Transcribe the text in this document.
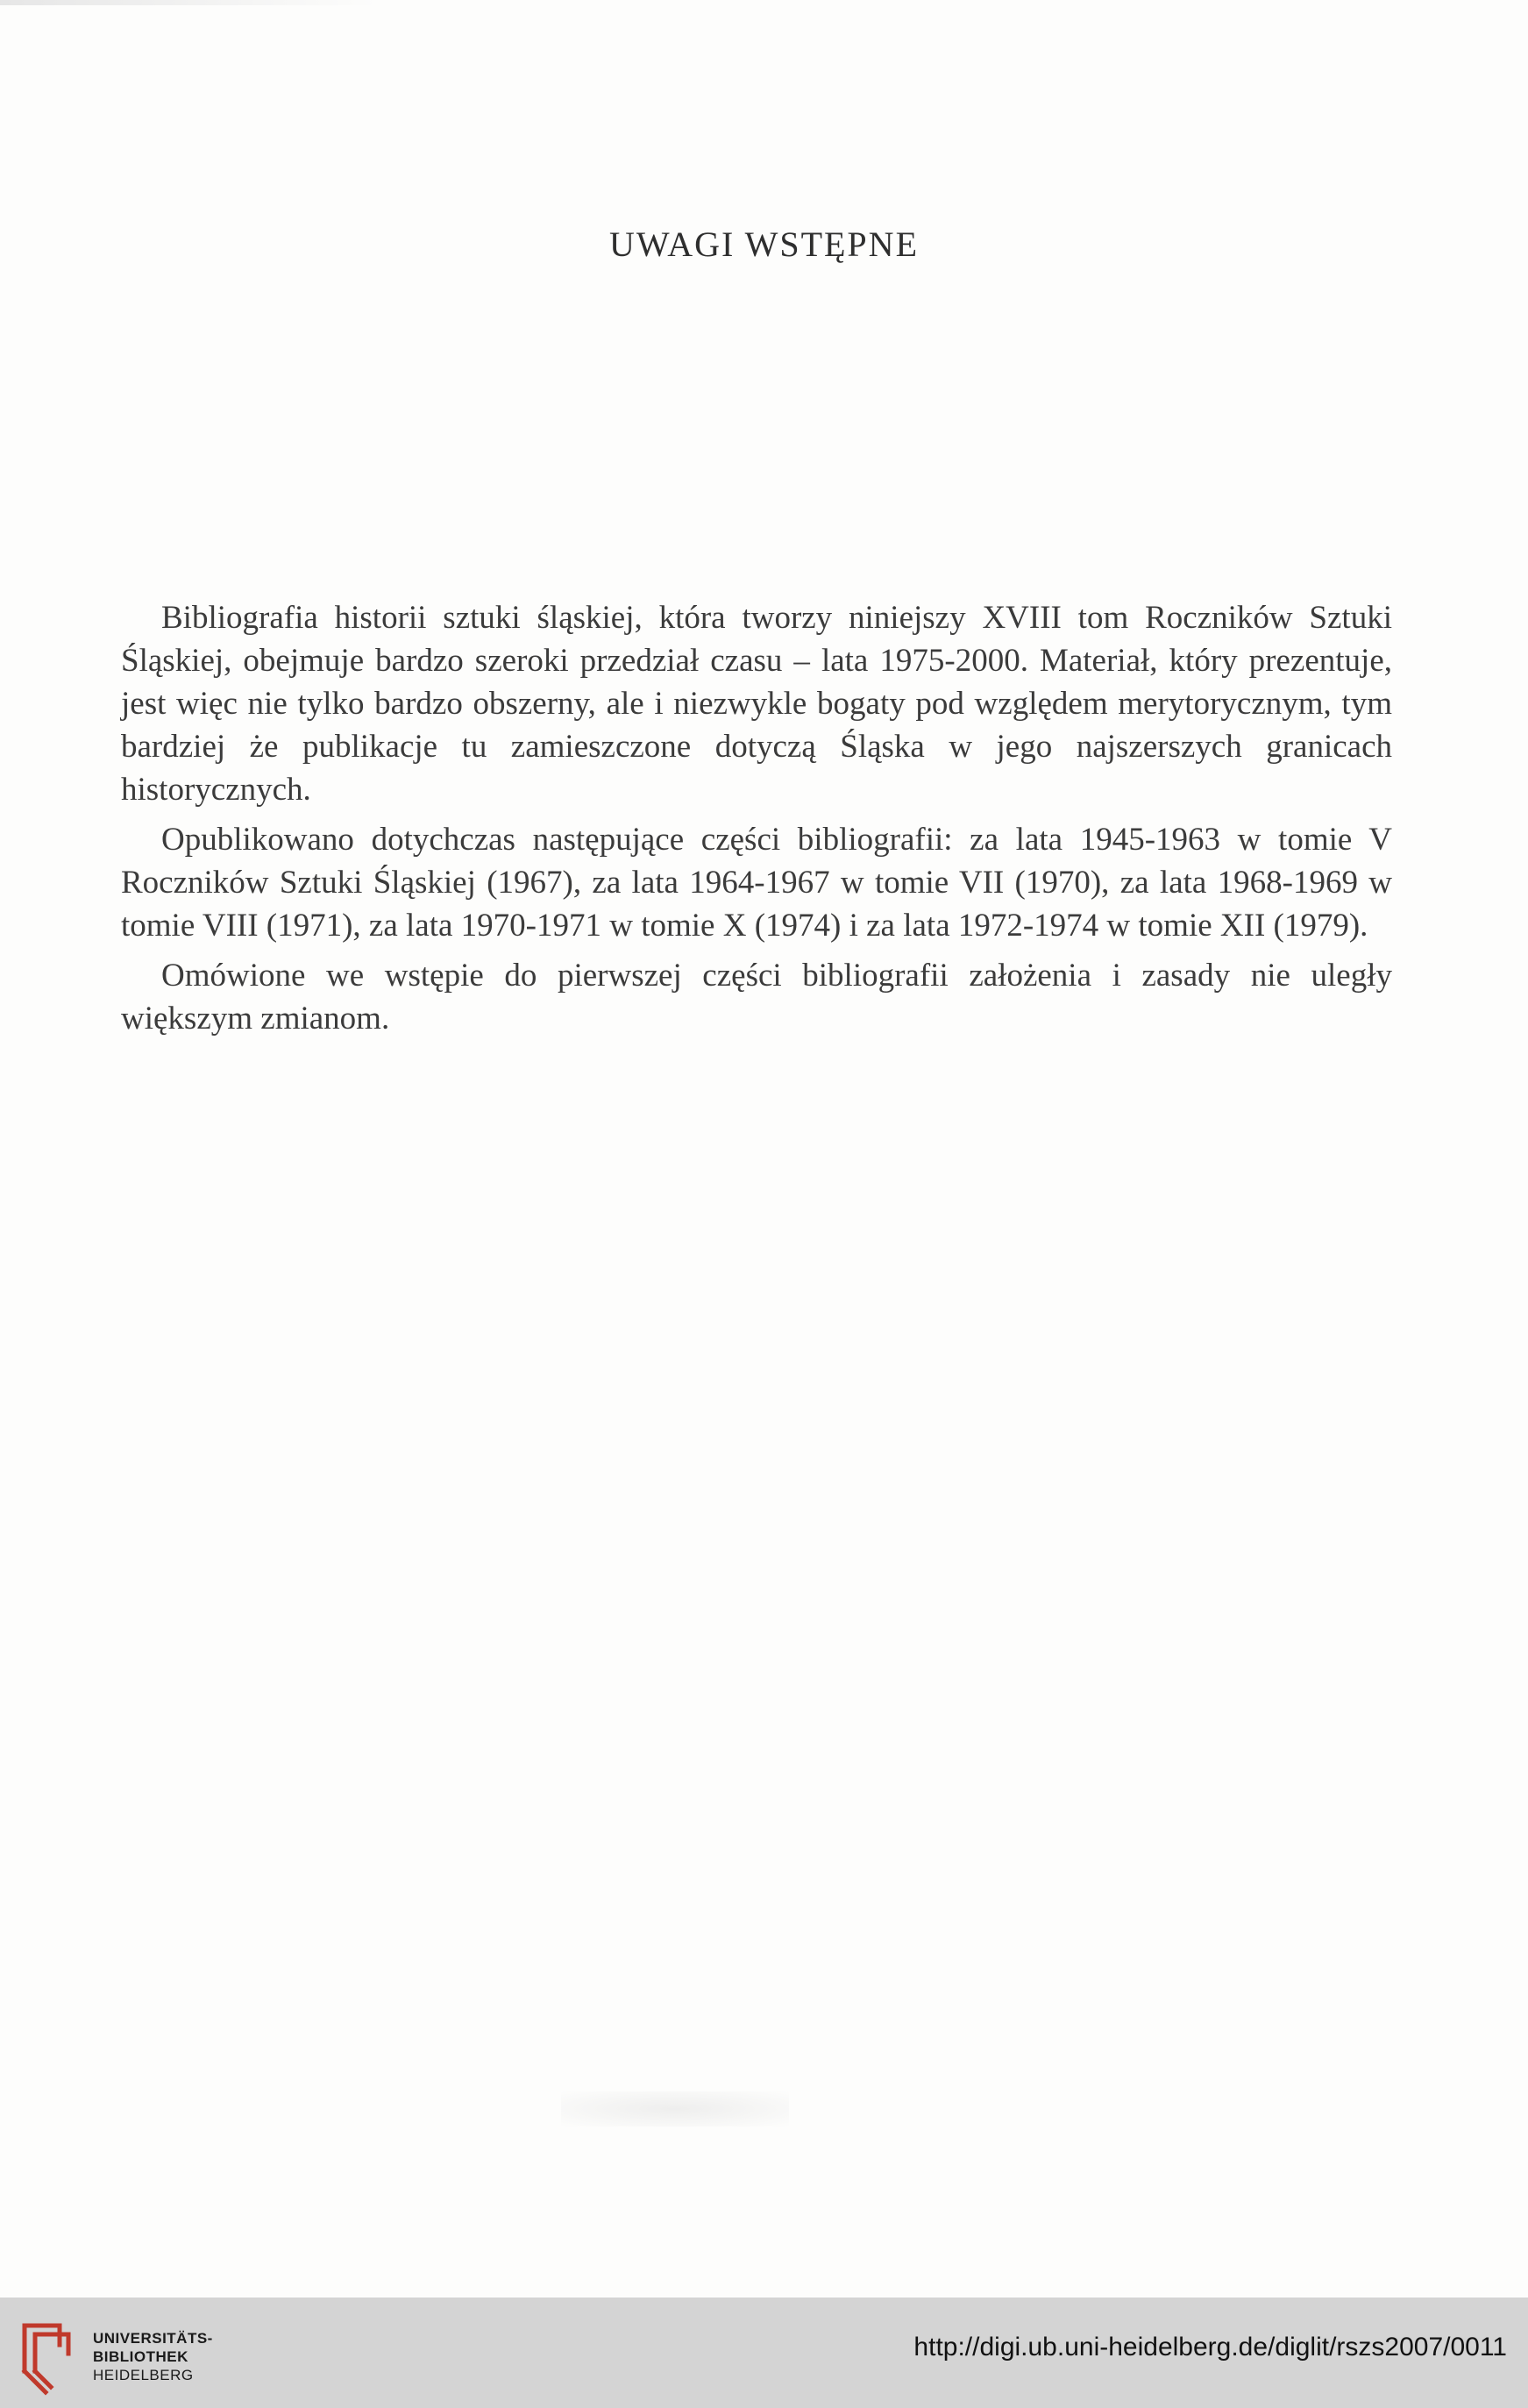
UWAGI WSTĘPNE

Bibliografia historii sztuki śląskiej, która tworzy niniejszy XVIII tom Roczników Sztuki Śląskiej, obejmuje bardzo szeroki przedział czasu – lata 1975-2000. Materiał, który prezentuje, jest więc nie tylko bardzo obszerny, ale i niezwykle bogaty pod względem merytorycznym, tym bardziej że publikacje tu zamieszczone dotyczą Śląska w jego najszerszych granicach historycznych.

Opublikowano dotychczas następujące części bibliografii: za lata 1945-1963 w tomie V Roczników Sztuki Śląskiej (1967), za lata 1964-1967 w tomie VII (1970), za lata 1968-1969 w tomie VIII (1971), za lata 1970-1971 w tomie X (1974) i za lata 1972-1974 w tomie XII (1979).

Omówione we wstępie do pierwszej części bibliografii założenia i zasady nie uległy większym zmianom.

UNIVERSITÄTS-
BIBLIOTHEK
HEIDELBERG
http://digi.ub.uni-heidelberg.de/diglit/rszs2007/0011
